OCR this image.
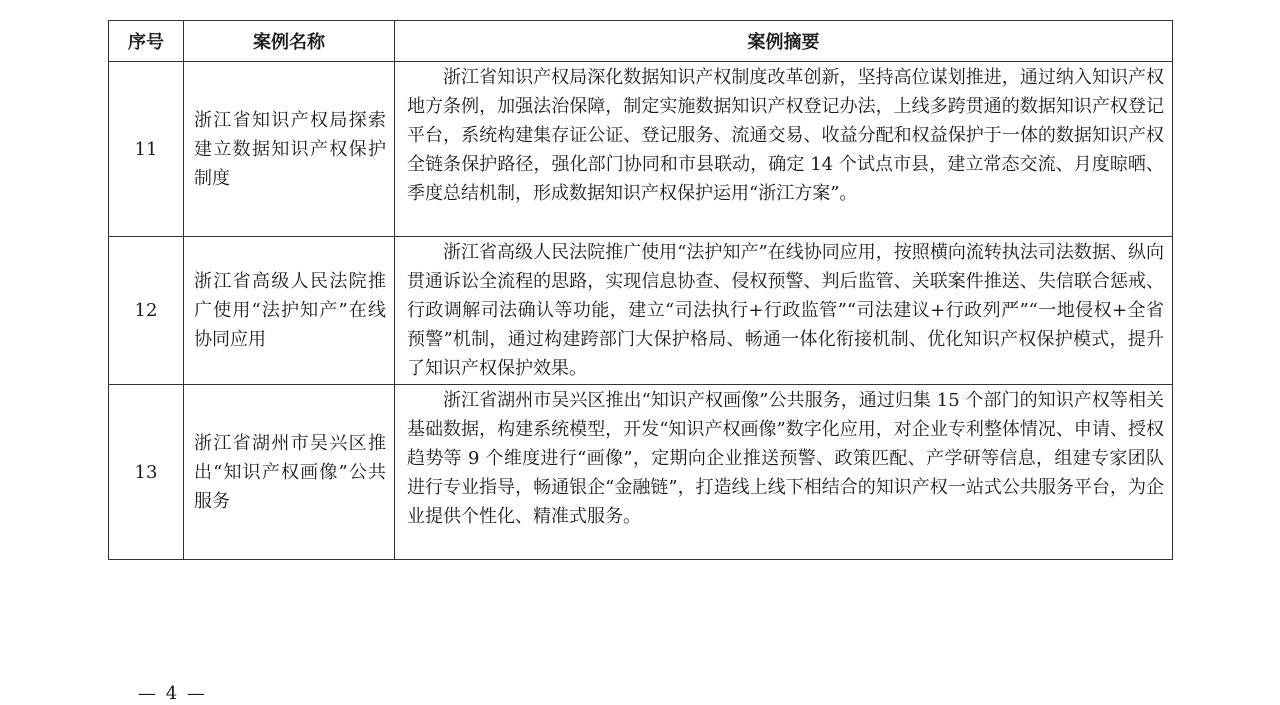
序号	案例名称	案例摘要
11	浙江省知识产权局探索建立数据知识产权保护制度	浙江省知识产权局深化数据知识产权制度改革创新，坚持高位谋划推进，通过纳入知识产权地方条例，加强法治保障，制定实施数据知识产权登记办法，上线多跨贯通的数据知识产权登记平台，系统构建集存证公证、登记服务、流通交易、收益分配和权益保护于一体的数据知识产权全链条保护路径，强化部门协同和市县联动，确定 14 个试点市县，建立常态交流、月度晾晒、季度总结机制，形成数据知识产权保护运用“浙江方案”。
12	浙江省高级人民法院推广使用“法护知产”在线协同应用	浙江省高级人民法院推广使用“法护知产”在线协同应用，按照横向流转执法司法数据、纵向贯通诉讼全流程的思路，实现信息协查、侵权预警、判后监管、关联案件推送、失信联合惩戒、行政调解司法确认等功能，建立“司法执行+行政监管”“司法建议+行政列严”“一地侵权+全省预警”机制，通过构建跨部门大保护格局、畅通一体化衔接机制、优化知识产权保护模式，提升了知识产权保护效果。
13	浙江省湖州市吴兴区推出“知识产权画像”公共服务	浙江省湖州市吴兴区推出“知识产权画像”公共服务，通过归集 15 个部门的知识产权等相关基础数据，构建系统模型，开发“知识产权画像”数字化应用，对企业专利整体情况、申请、授权趋势等 9 个维度进行“画像”，定期向企业推送预警、政策匹配、产学研等信息，组建专家团队进行专业指导，畅通银企“金融链”，打造线上线下相结合的知识产权一站式公共服务平台，为企业提供个性化、精准式服务。
— 4 —
